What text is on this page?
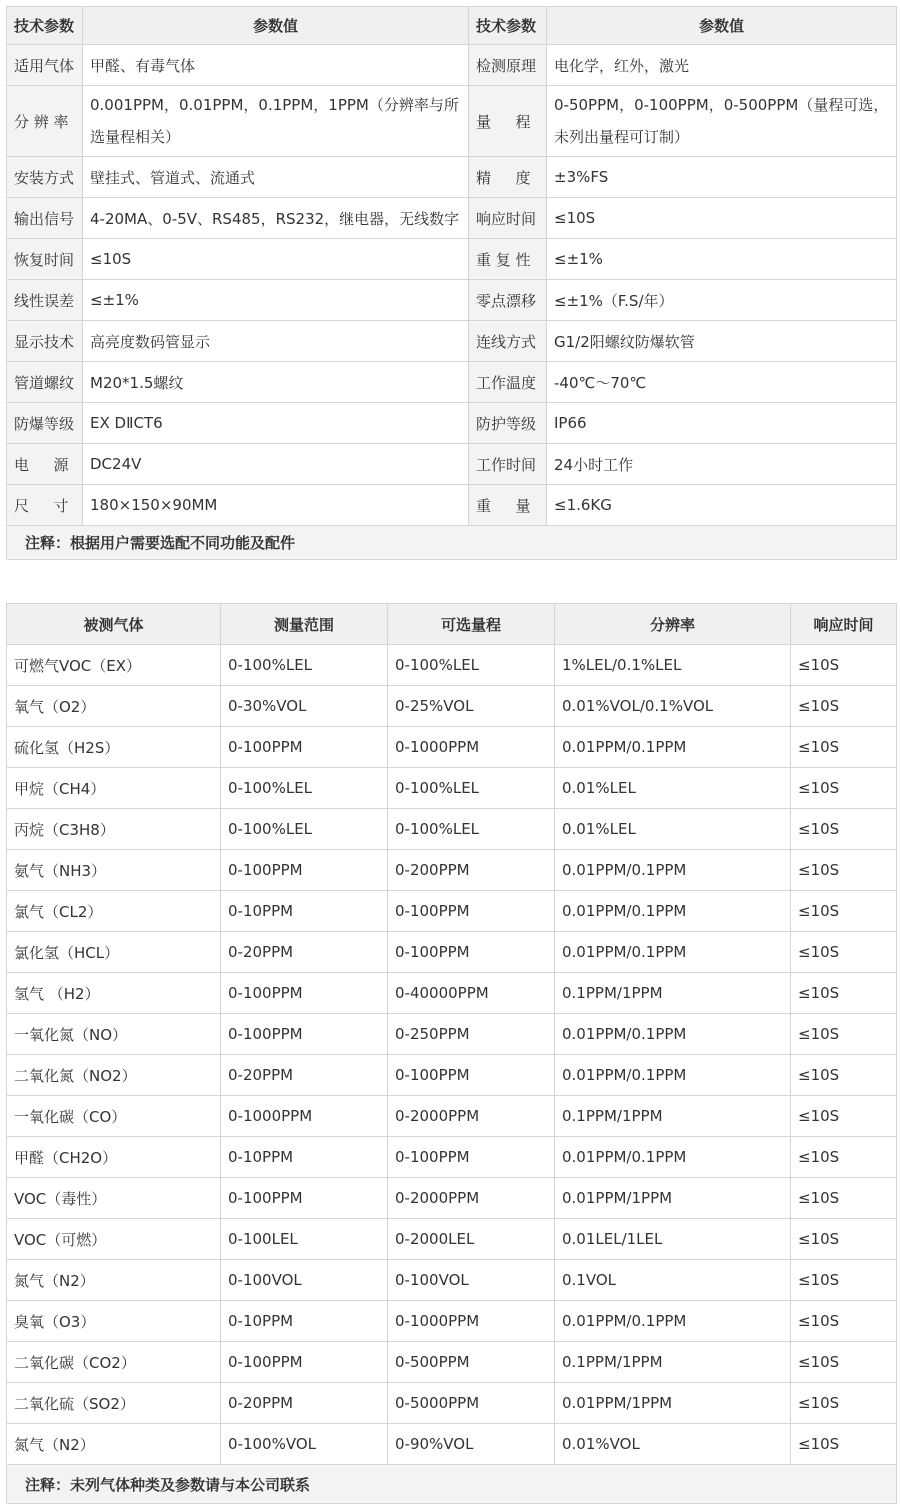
技术参数	参数值	技术参数	参数值
适用气体	甲醛、有毒气体	检测原理	电化学，红外，激光
分 辨 率	0.001PPM，0.01PPM，0.1PPM，1PPM（分辨率与所选量程相关）	量 　 程	0-50PPM，0-100PPM，0-500PPM（量程可选，未列出量程可订制）
安装方式	壁挂式、管道式、流通式	精 　 度	±3%FS
输出信号	4-20MA、0-5V、RS485，RS232，继电器，无线数字	响应时间	≤10S
恢复时间	≤10S	重 复 性	≤±1%
线性误差	≤±1%	零点漂移	≤±1%（F.S/年）
显示技术	高亮度数码管显示	连线方式	G1/2阳螺纹防爆软管
管道螺纹	M20*1.5螺纹	工作温度	-40℃～70℃
防爆等级	EX DⅡCT6	防护等级	IP66
电 　 源	DC24V	工作时间	24小时工作
尺 　 寸	180×150×90MM	重 　 量	≤1.6KG
注释：根据用户需要选配不同功能及配件			
被测气体	测量范围	可选量程	分辨率	响应时间
可燃气VOC（EX）	0-100%LEL	0-100%LEL	1%LEL/0.1%LEL	≤10S
氧气（O2）	0-30%VOL	0-25%VOL	0.01%VOL/0.1%VOL	≤10S
硫化氢（H2S）	0-100PPM	0-1000PPM	0.01PPM/0.1PPM	≤10S
甲烷（CH4）	0-100%LEL	0-100%LEL	0.01%LEL	≤10S
丙烷（C3H8）	0-100%LEL	0-100%LEL	0.01%LEL	≤10S
氨气（NH3）	0-100PPM	0-200PPM	0.01PPM/0.1PPM	≤10S
氯气（CL2）	0-10PPM	0-100PPM	0.01PPM/0.1PPM	≤10S
氯化氢（HCL）	0-20PPM	0-100PPM	0.01PPM/0.1PPM	≤10S
氢气 （H2）	0-100PPM	0-40000PPM	0.1PPM/1PPM	≤10S
一氧化氮（NO）	0-100PPM	0-250PPM	0.01PPM/0.1PPM	≤10S
二氧化氮（NO2）	0-20PPM	0-100PPM	0.01PPM/0.1PPM	≤10S
一氧化碳（CO）	0-1000PPM	0-2000PPM	0.1PPM/1PPM	≤10S
甲醛（CH2O）	0-10PPM	0-100PPM	0.01PPM/0.1PPM	≤10S
VOC（毒性）	0-100PPM	0-2000PPM	0.01PPM/1PPM	≤10S
VOC（可燃）	0-100LEL	0-2000LEL	0.01LEL/1LEL	≤10S
氮气（N2）	0-100VOL	0-100VOL	0.1VOL	≤10S
臭氧（O3）	0-10PPM	0-1000PPM	0.01PPM/0.1PPM	≤10S
二氧化碳（CO2）	0-100PPM	0-500PPM	0.1PPM/1PPM	≤10S
二氧化硫（SO2）	0-20PPM	0-5000PPM	0.01PPM/1PPM	≤10S
氮气（N2）	0-100%VOL	0-90%VOL	0.01%VOL	≤10S
注释：未列气体种类及参数请与本公司联系				
